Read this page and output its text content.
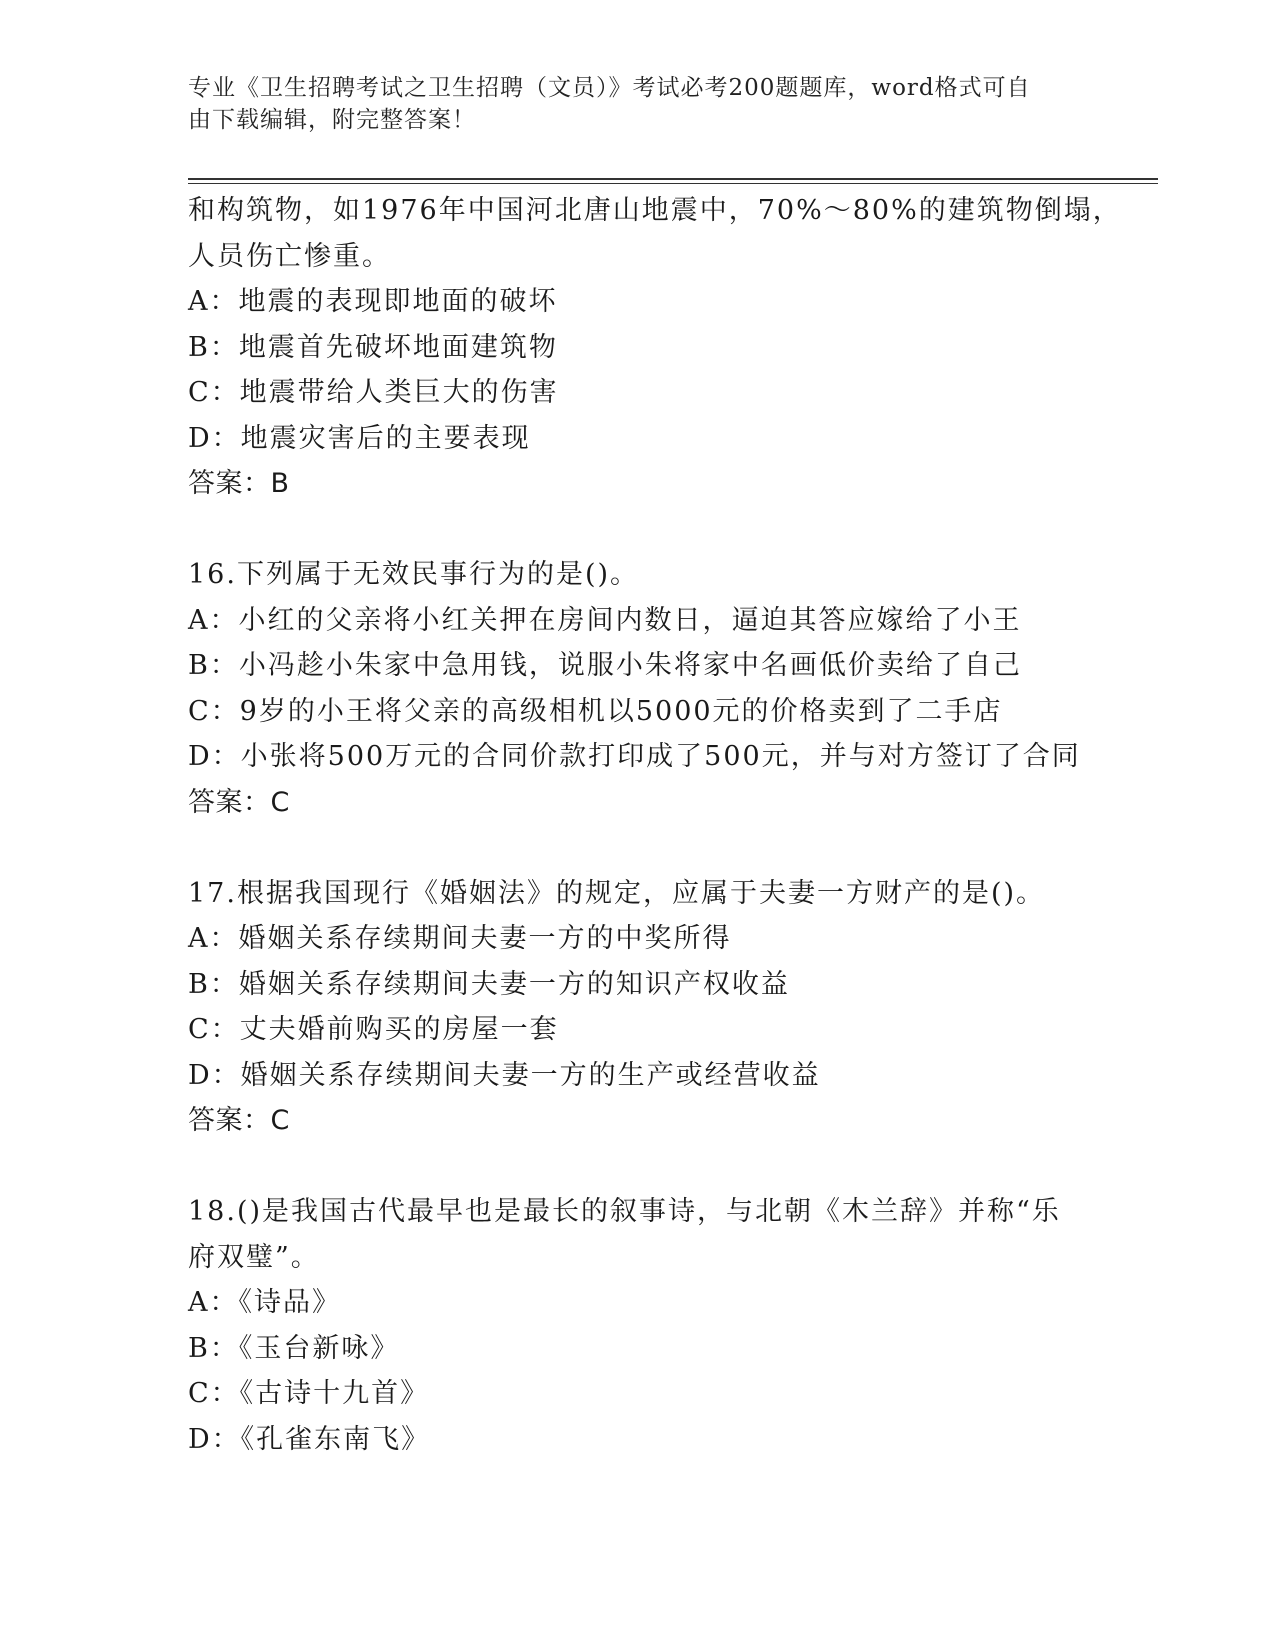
专业《卫生招聘考试之卫生招聘（文员）》考试必考200题题库，word格式可自
由下载编辑，附完整答案！
和构筑物，如1976年中国河北唐山地震中，70%～80%的建筑物倒塌，
人员伤亡惨重。
A：地震的表现即地面的破坏
B：地震首先破坏地面建筑物
C：地震带给人类巨大的伤害
D：地震灾害后的主要表现
答案：B
16.下列属于无效民事行为的是()。
A：小红的父亲将小红关押在房间内数日，逼迫其答应嫁给了小王
B：小冯趁小朱家中急用钱，说服小朱将家中名画低价卖给了自己
C：9岁的小王将父亲的高级相机以5000元的价格卖到了二手店
D：小张将500万元的合同价款打印成了500元，并与对方签订了合同
答案：C
17.根据我国现行《婚姻法》的规定，应属于夫妻一方财产的是()。
A：婚姻关系存续期间夫妻一方的中奖所得
B：婚姻关系存续期间夫妻一方的知识产权收益
C：丈夫婚前购买的房屋一套
D：婚姻关系存续期间夫妻一方的生产或经营收益
答案：C
18.()是我国古代最早也是最长的叙事诗，与北朝《木兰辞》并称“乐
府双璧”。
A：《诗品》
B：《玉台新咏》
C：《古诗十九首》
D：《孔雀东南飞》
